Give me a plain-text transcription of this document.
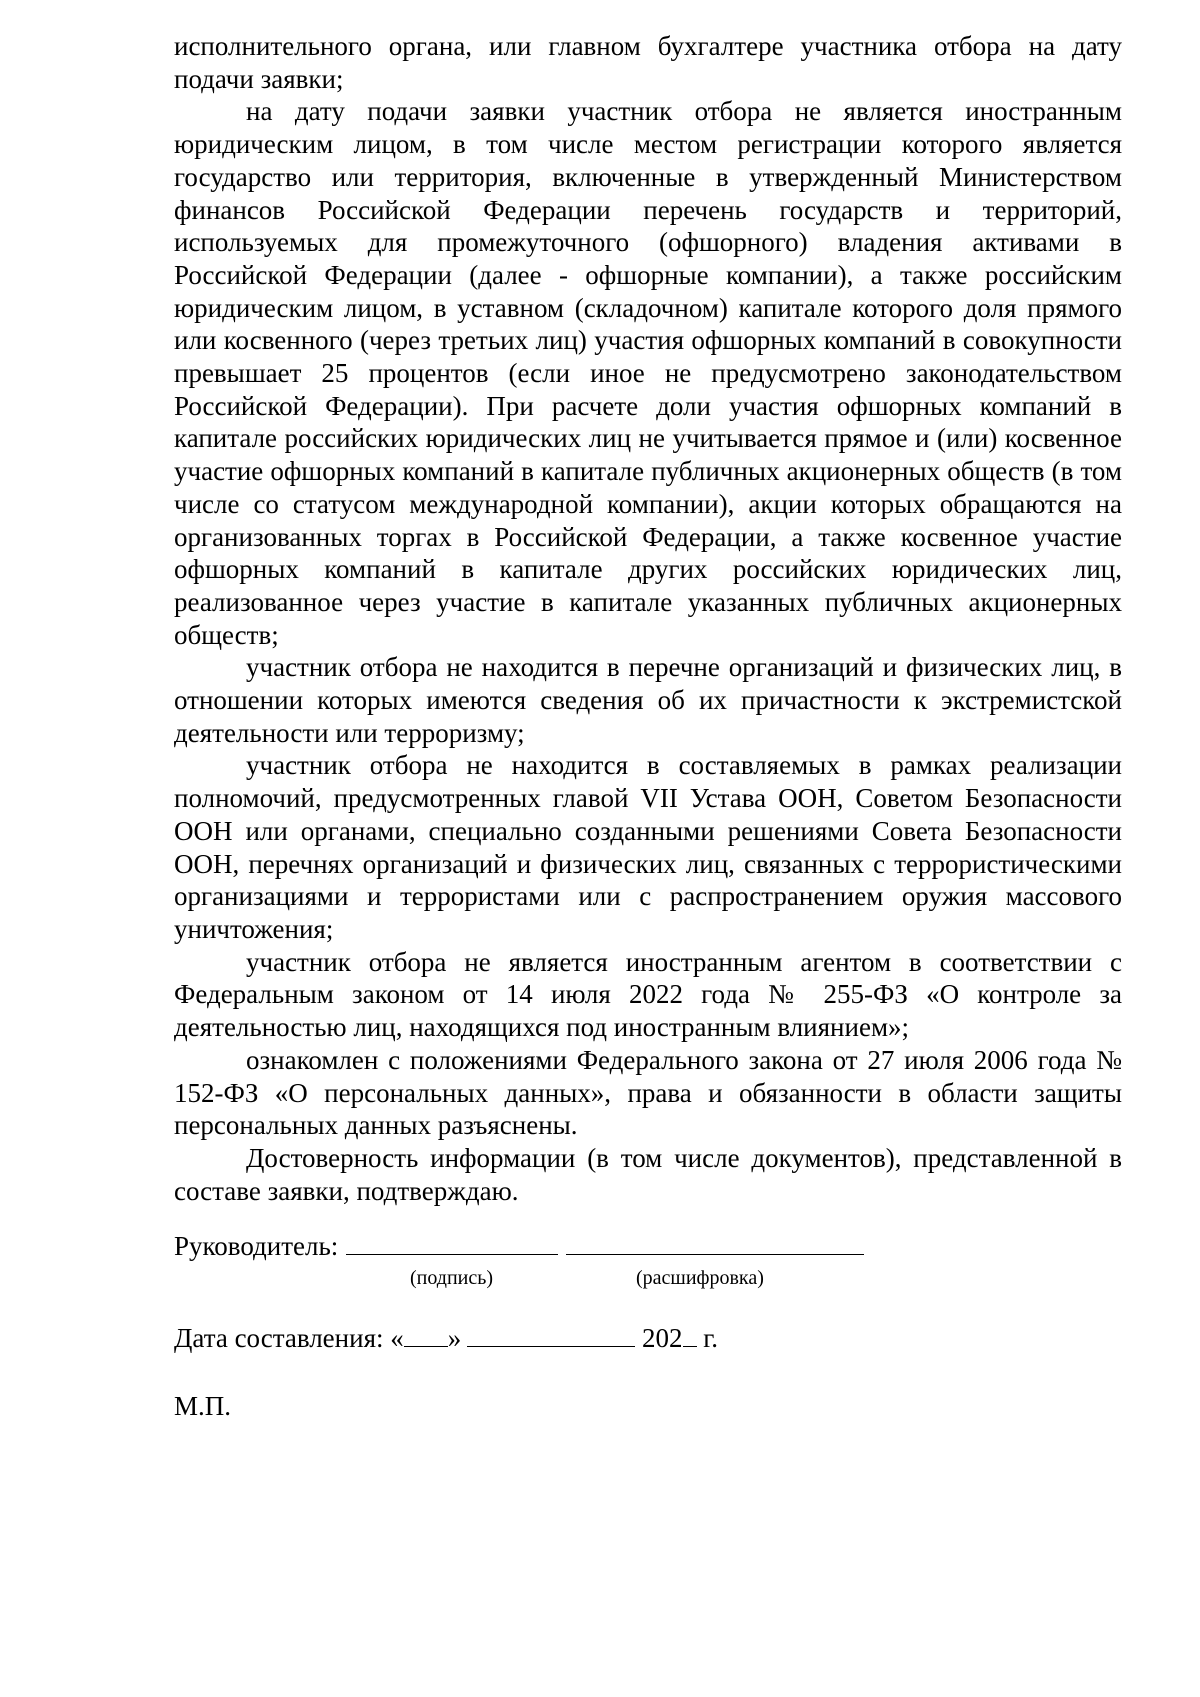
исполнительного органа, или главном бухгалтере участника отбора на дату подачи заявки;

на дату подачи заявки участник отбора не является иностранным юридическим лицом, в том числе местом регистрации которого является государство или территория, включенные в утвержденный Министерством финансов Российской Федерации перечень государств и территорий, используемых для промежуточного (офшорного) владения активами в Российской Федерации (далее - офшорные компании), а также российским юридическим лицом, в уставном (складочном) капитале которого доля прямого или косвенного (через третьих лиц) участия офшорных компаний в совокупности превышает 25 процентов (если иное не предусмотрено законодательством Российской Федерации). При расчете доли участия офшорных компаний в капитале российских юридических лиц не учитывается прямое и (или) косвенное участие офшорных компаний в капитале публичных акционерных обществ (в том числе со статусом международной компании), акции которых обращаются на организованных торгах в Российской Федерации, а также косвенное участие офшорных компаний в капитале других российских юридических лиц, реализованное через участие в капитале указанных публичных акционерных обществ;

участник отбора не находится в перечне организаций и физических лиц, в отношении которых имеются сведения об их причастности к экстремистской деятельности или терроризму;

участник отбора не находится в составляемых в рамках реализации полномочий, предусмотренных главой VII Устава ООН, Советом Безопасности ООН или органами, специально созданными решениями Совета Безопасности ООН, перечнях организаций и физических лиц, связанных с террористическими организациями и террористами или с распространением оружия массового уничтожения;

участник отбора не является иностранным агентом в соответствии с Федеральным законом от 14 июля 2022 года № 255-ФЗ «О контроле за деятельностью лиц, находящихся под иностранным влиянием»;

ознакомлен с положениями Федерального закона от 27 июля 2006 года № 152-ФЗ «О персональных данных», права и обязанности в области защиты персональных данных разъяснены.

Достоверность информации (в том числе документов), представленной в составе заявки, подтверждаю.

Руководитель:
(подпись)	(расшифровка)
Дата составления: « »	202 г.
М.П.
